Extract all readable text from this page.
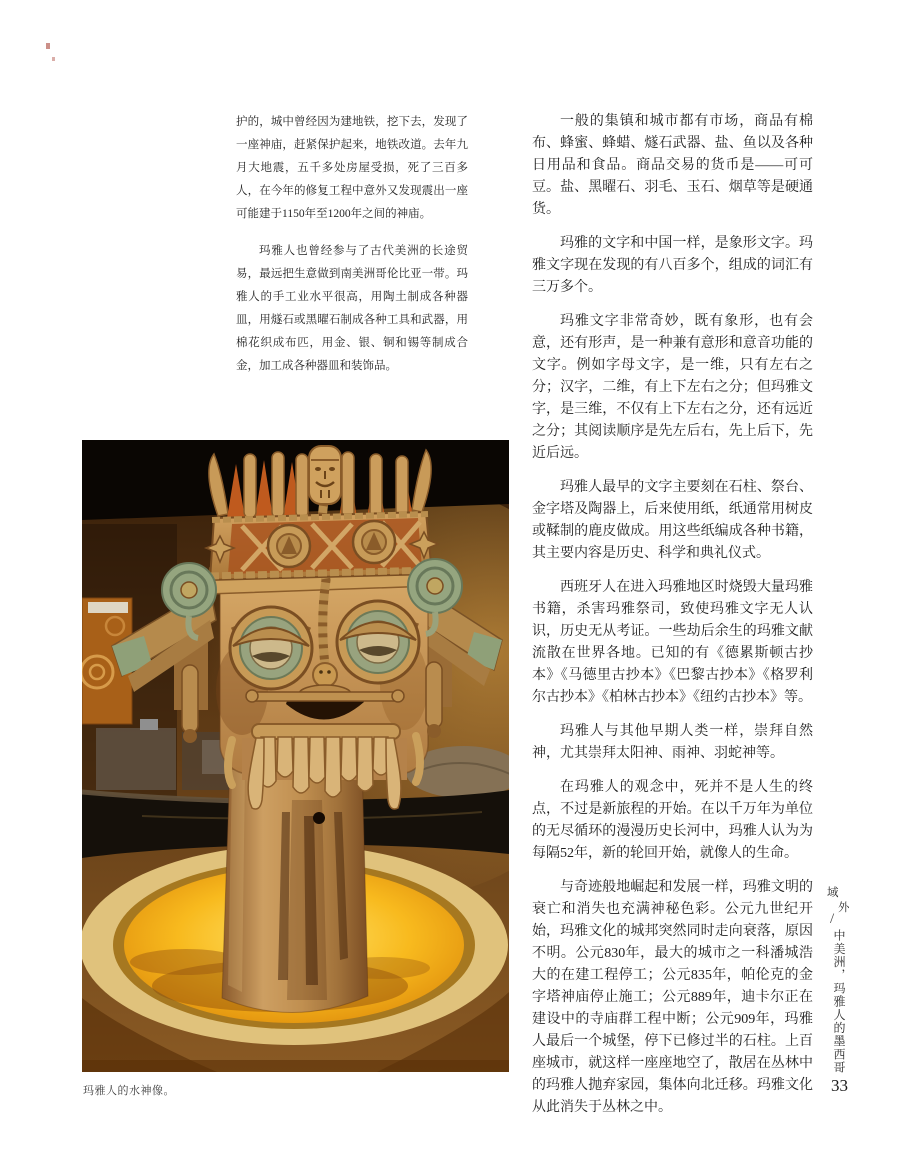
护的，城中曾经因为建地铁，挖下去，发现了一座神庙，赶紧保护起来，地铁改道。去年九月大地震，五千多处房屋受损，死了三百多人，在今年的修复工程中意外又发现震出一座可能建于1150年至1200年之间的神庙。

玛雅人也曾经参与了古代美洲的长途贸易，最远把生意做到南美洲哥伦比亚一带。玛雅人的手工业水平很高，用陶土制成各种器皿，用燧石或黑曜石制成各种工具和武器，用棉花织成布匹，用金、银、铜和锡等制成合金，加工成各种器皿和装饰品。

一般的集镇和城市都有市场，商品有棉布、蜂蜜、蜂蜡、燧石武器、盐、鱼以及各种日用品和食品。商品交易的货币是——可可豆。盐、黑曜石、羽毛、玉石、烟草等是硬通货。

玛雅的文字和中国一样，是象形文字。玛雅文字现在发现的有八百多个，组成的词汇有三万多个。

玛雅文字非常奇妙，既有象形，也有会意，还有形声，是一种兼有意形和意音功能的文字。例如字母文字，是一维，只有左右之分；汉字，二维，有上下左右之分；但玛雅文字，是三维，不仅有上下左右之分，还有远近之分；其阅读顺序是先左后右，先上后下，先近后远。

玛雅人最早的文字主要刻在石柱、祭台、金字塔及陶器上，后来使用纸，纸通常用树皮或鞣制的鹿皮做成。用这些纸编成各种书籍，其主要内容是历史、科学和典礼仪式。

西班牙人在进入玛雅地区时烧毁大量玛雅书籍，杀害玛雅祭司，致使玛雅文字无人认识，历史无从考证。一些劫后余生的玛雅文献流散在世界各地。已知的有《德累斯顿古抄本》《马德里古抄本》《巴黎古抄本》《格罗利尔古抄本》《柏林古抄本》《纽约古抄本》等。

玛雅人与其他早期人类一样，崇拜自然神，尤其崇拜太阳神、雨神、羽蛇神等。

在玛雅人的观念中，死并不是人生的终点，不过是新旅程的开始。在以千万年为单位的无尽循环的漫漫历史长河中，玛雅人认为为每隔52年，新的轮回开始，就像人的生命。

与奇迹般地崛起和发展一样，玛雅文明的衰亡和消失也充满神秘色彩。公元九世纪开始，玛雅文化的城邦突然同时走向衰落，原因不明。公元830年，最大的城市之一科潘城浩大的在建工程停工；公元835年，帕伦克的金字塔神庙停止施工；公元889年，迪卡尔正在建设中的寺庙群工程中断；公元909年，玛雅人最后一个城堡，停下已修过半的石柱。上百座城市，就这样一座座地空了，散居在丛林中的玛雅人抛弃家园，集体向北迁移。玛雅文化从此消失于丛林之中。

玛雅人的水神像。
域
外
/
中美洲，玛雅人的墨西哥
33
